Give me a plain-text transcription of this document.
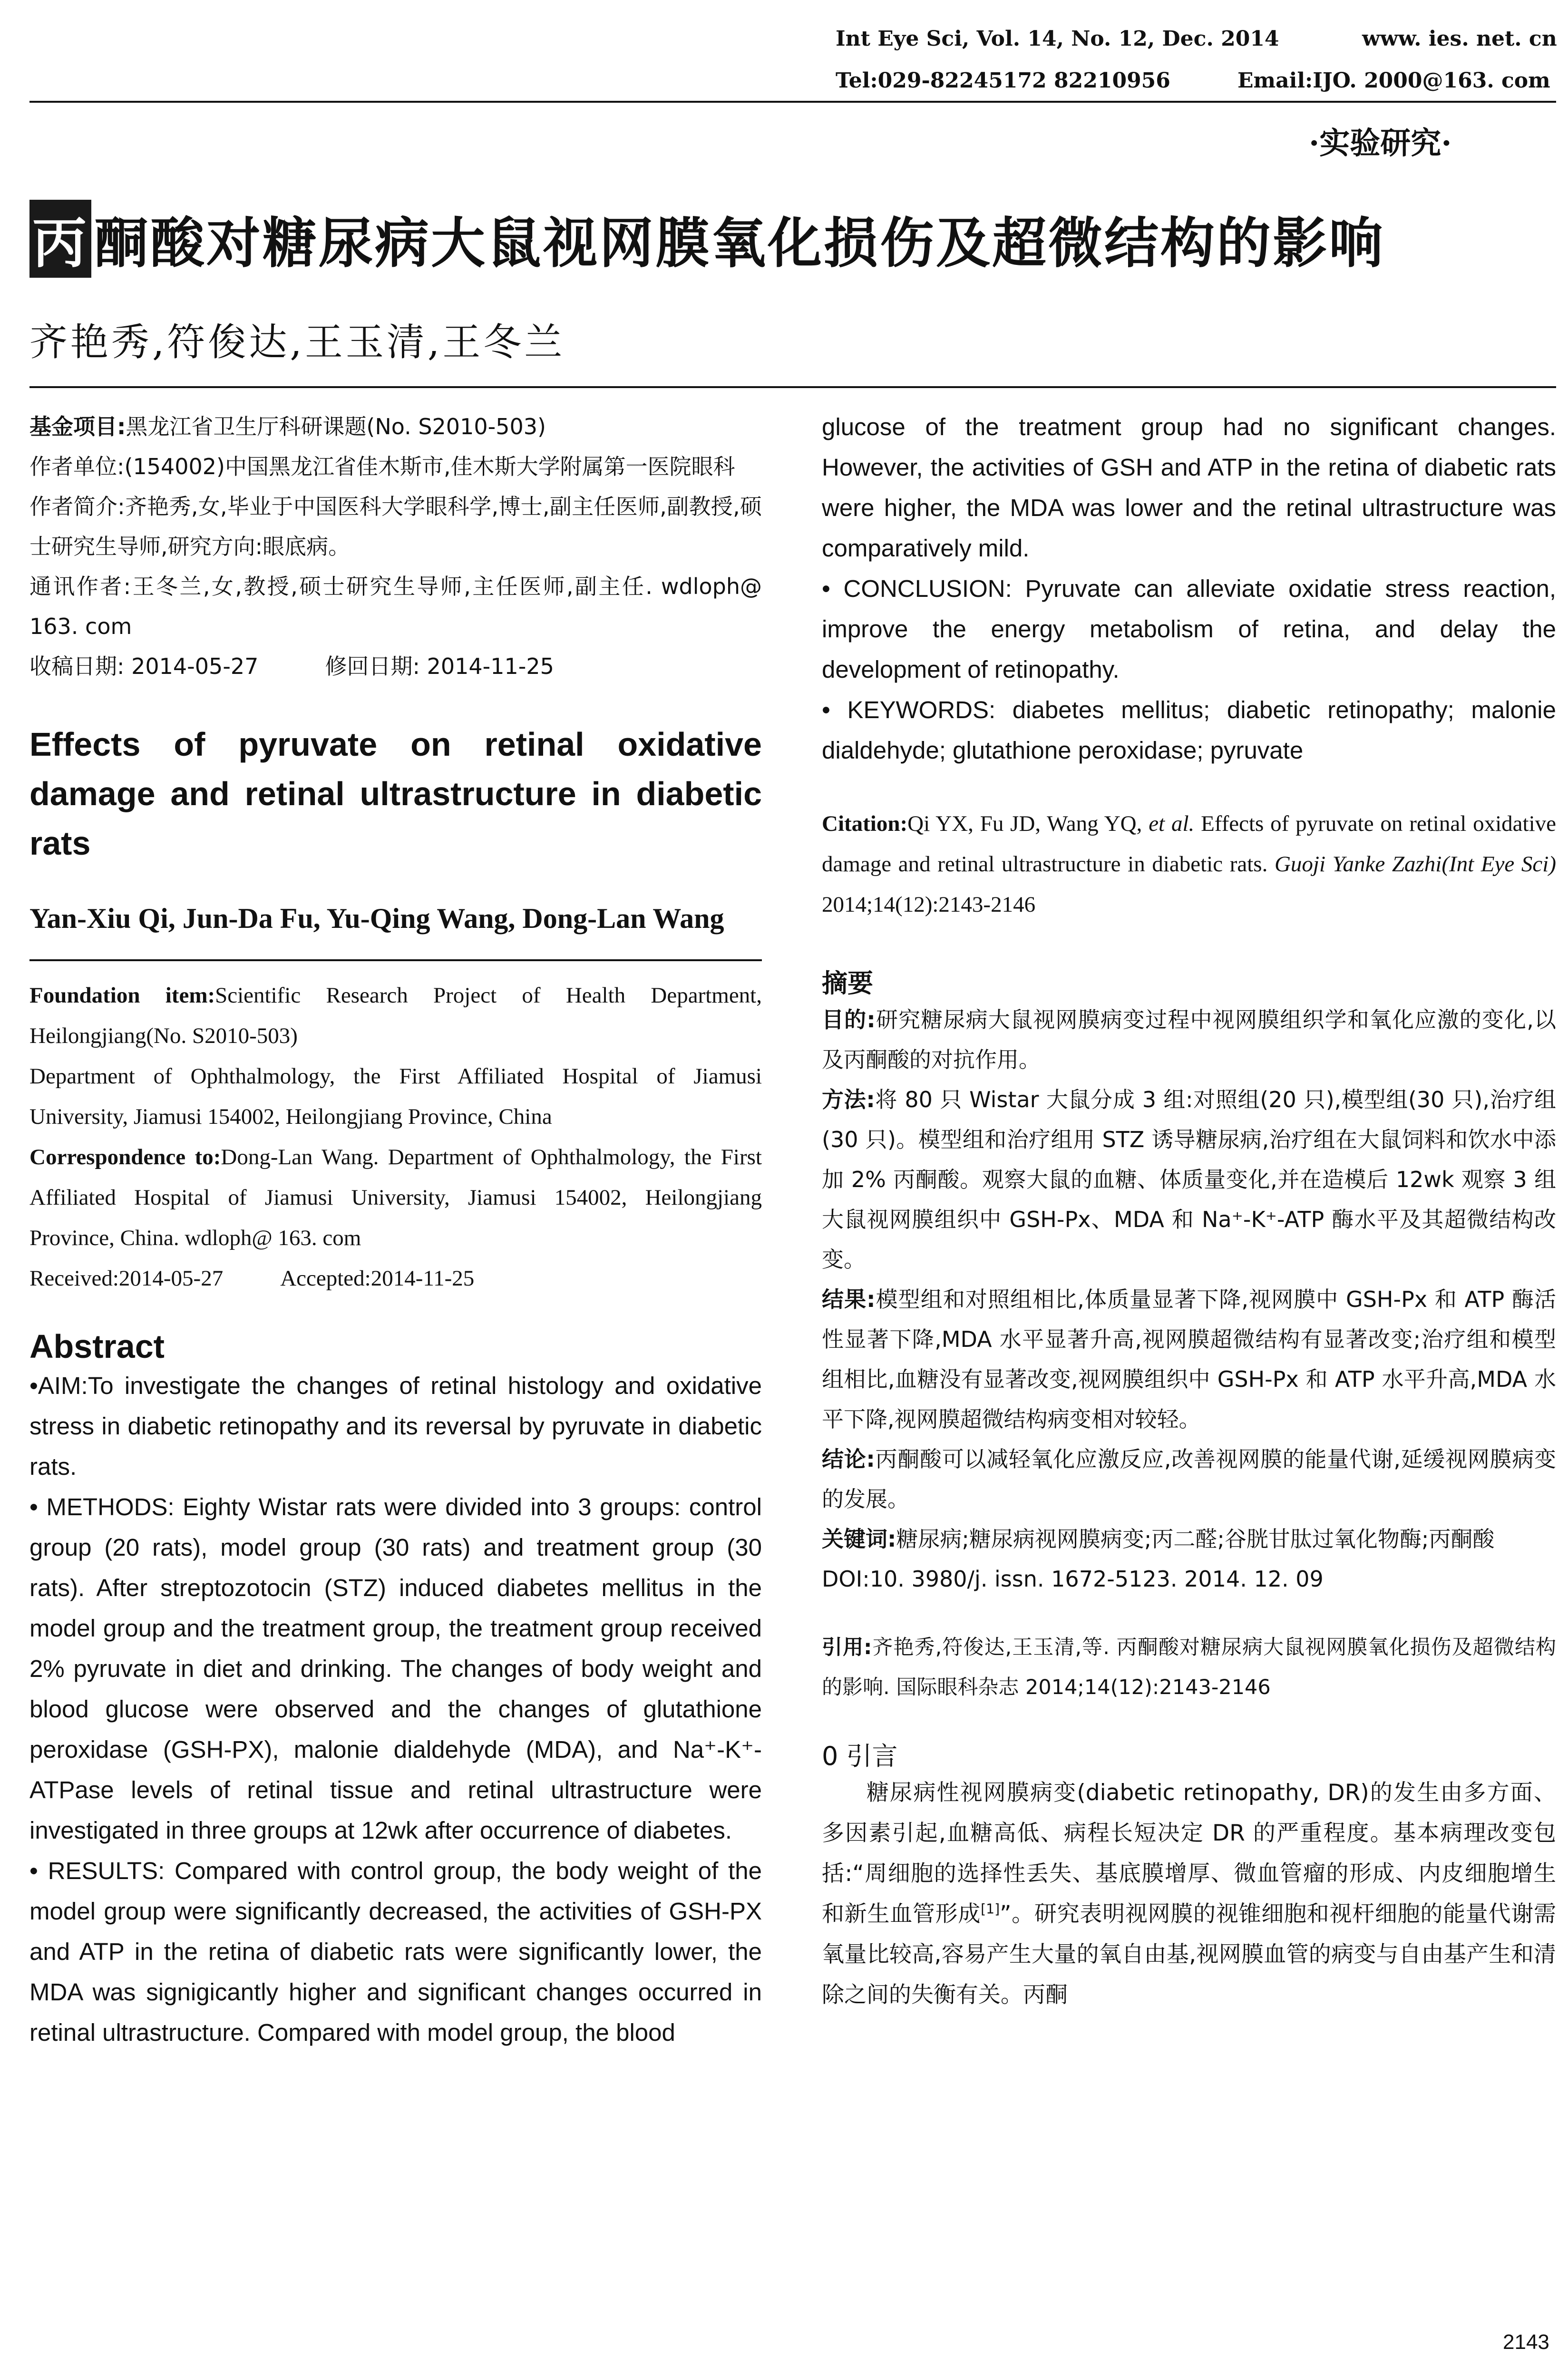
Int Eye Sci, Vol. 14, No. 12, Dec. 2014	www. ies. net. cn
Tel:029-82245172 82210956	Email:IJO. 2000@163. com
·实验研究·
丙 酮酸对糖尿病大鼠视网膜氧化损伤及超微结构的影响
齐艳秀,符俊达,王玉清,王冬兰

基金项目:黑龙江省卫生厅科研课题(No. S2010-503)

作者单位:(154002)中国黑龙江省佳木斯市,佳木斯大学附属第一医院眼科

作者简介:齐艳秀,女,毕业于中国医科大学眼科学,博士,副主任医师,副教授,硕士研究生导师,研究方向:眼底病。

通讯作者:王冬兰,女,教授,硕士研究生导师,主任医师,副主任. wdloph@ 163. com

收稿日期: 2014-05-27	修回日期: 2014-11-25

Effects of pyruvate on retinal oxidative damage and retinal ultrastructure in diabetic rats

Yan-Xiu Qi, Jun-Da Fu, Yu-Qing Wang, Dong-Lan Wang

Foundation item:Scientific Research Project of Health Department, Heilongjiang(No. S2010-503)

Department of Ophthalmology, the First Affiliated Hospital of Jiamusi University, Jiamusi 154002, Heilongjiang Province, China

Correspondence to:Dong-Lan Wang. Department of Ophthalmology, the First Affiliated Hospital of Jiamusi University, Jiamusi 154002, Heilongjiang Province, China. wdloph@ 163. com

Received:2014-05-27	Accepted:2014-11-25

Abstract

•AIM:To investigate the changes of retinal histology and oxidative stress in diabetic retinopathy and its reversal by pyruvate in diabetic rats.

• METHODS: Eighty Wistar rats were divided into 3 groups: control group (20 rats), model group (30 rats) and treatment group (30 rats). After streptozotocin (STZ) induced diabetes mellitus in the model group and the treatment group, the treatment group received 2% pyruvate in diet and drinking. The changes of body weight and blood glucose were observed and the changes of glutathione peroxidase (GSH-PX), malonie dialdehyde (MDA), and Na⁺-K⁺-ATPase levels of retinal tissue and retinal ultrastructure were investigated in three groups at 12wk after occurrence of diabetes.

• RESULTS: Compared with control group, the body weight of the model group were significantly decreased, the activities of GSH-PX and ATP in the retina of diabetic rats were significantly lower, the MDA was signigicantly higher and significant changes occurred in retinal ultrastructure. Compared with model group, the blood

glucose of the treatment group had no significant changes. However, the activities of GSH and ATP in the retina of diabetic rats were higher, the MDA was lower and the retinal ultrastructure was comparatively mild.

• CONCLUSION: Pyruvate can alleviate oxidatie stress reaction, improve the energy metabolism of retina, and delay the development of retinopathy.

• KEYWORDS: diabetes mellitus; diabetic retinopathy; malonie dialdehyde; glutathione peroxidase; pyruvate

Citation:Qi YX, Fu JD, Wang YQ, et al. Effects of pyruvate on retinal oxidative damage and retinal ultrastructure in diabetic rats. Guoji Yanke Zazhi(Int Eye Sci) 2014;14(12):2143-2146

摘要

目的:研究糖尿病大鼠视网膜病变过程中视网膜组织学和氧化应激的变化,以及丙酮酸的对抗作用。

方法:将 80 只 Wistar 大鼠分成 3 组:对照组(20 只),模型组(30 只),治疗组(30 只)。模型组和治疗组用 STZ 诱导糖尿病,治疗组在大鼠饲料和饮水中添加 2% 丙酮酸。观察大鼠的血糖、体质量变化,并在造模后 12wk 观察 3 组大鼠视网膜组织中 GSH-Px、MDA 和 Na⁺-K⁺-ATP 酶水平及其超微结构改变。

结果:模型组和对照组相比,体质量显著下降,视网膜中 GSH-Px 和 ATP 酶活性显著下降,MDA 水平显著升高,视网膜超微结构有显著改变;治疗组和模型组相比,血糖没有显著改变,视网膜组织中 GSH-Px 和 ATP 水平升高,MDA 水平下降,视网膜超微结构病变相对较轻。

结论:丙酮酸可以减轻氧化应激反应,改善视网膜的能量代谢,延缓视网膜病变的发展。

关键词:糖尿病;糖尿病视网膜病变;丙二醛;谷胱甘肽过氧化物酶;丙酮酸

DOI:10. 3980/j. issn. 1672-5123. 2014. 12. 09

引用:齐艳秀,符俊达,王玉清,等. 丙酮酸对糖尿病大鼠视网膜氧化损伤及超微结构的影响. 国际眼科杂志 2014;14(12):2143-2146

0 引言

糖尿病性视网膜病变(diabetic retinopathy, DR)的发生由多方面、多因素引起,血糖高低、病程长短决定 DR 的严重程度。基本病理改变包括:“周细胞的选择性丢失、基底膜增厚、微血管瘤的形成、内皮细胞增生和新生血管形成[1]”。研究表明视网膜的视锥细胞和视杆细胞的能量代谢需氧量比较高,容易产生大量的氧自由基,视网膜血管的病变与自由基产生和清除之间的失衡有关。丙酮

2143
